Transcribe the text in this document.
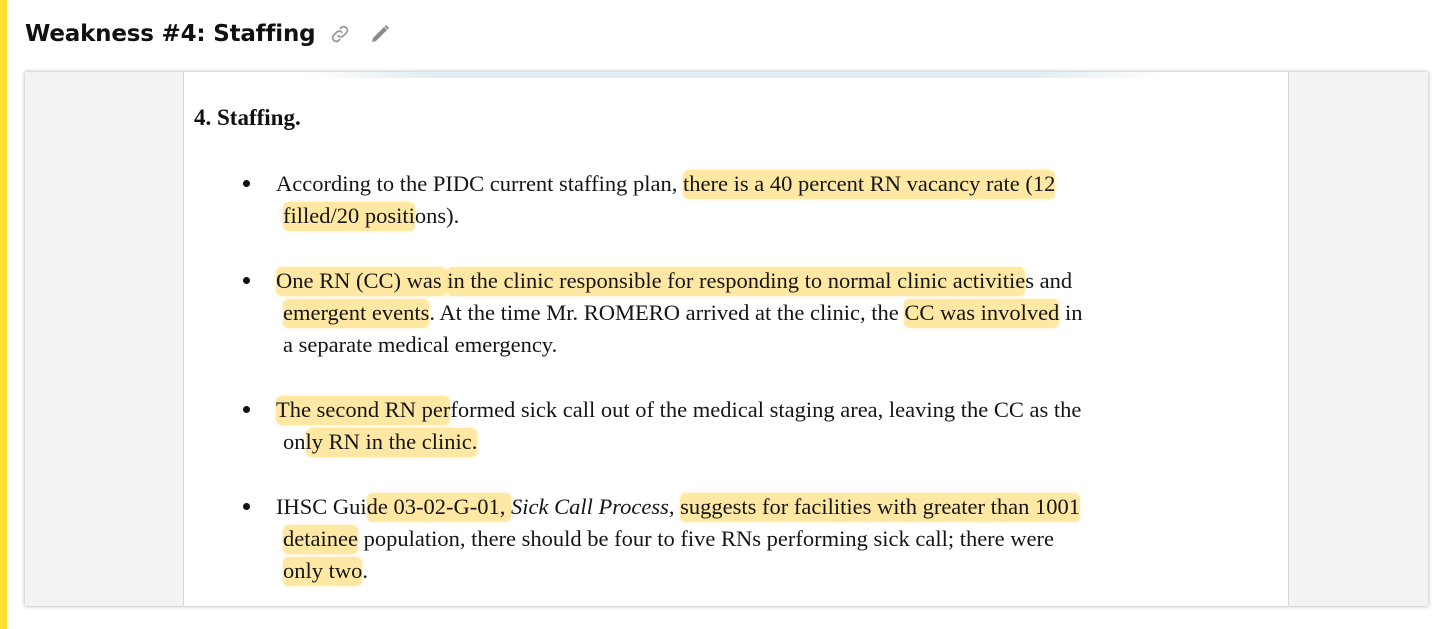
Weakness #4: Staffing
4. Staffing.
According to the PIDC current staffing plan, there is a 40 percent RN vacancy rate (12
filled/20 positions).
One RN (CC) was in the clinic responsible for responding to normal clinic activities and
emergent events. At the time Mr. ROMERO arrived at the clinic, the CC was involved in
a separate medical emergency.
The second RN performed sick call out of the medical staging area, leaving the CC as the
only RN in the clinic.
IHSC Guide 03-02-G-01, Sick Call Process, suggests for facilities with greater than 1001
detainee population, there should be four to five RNs performing sick call; there were
only two.
